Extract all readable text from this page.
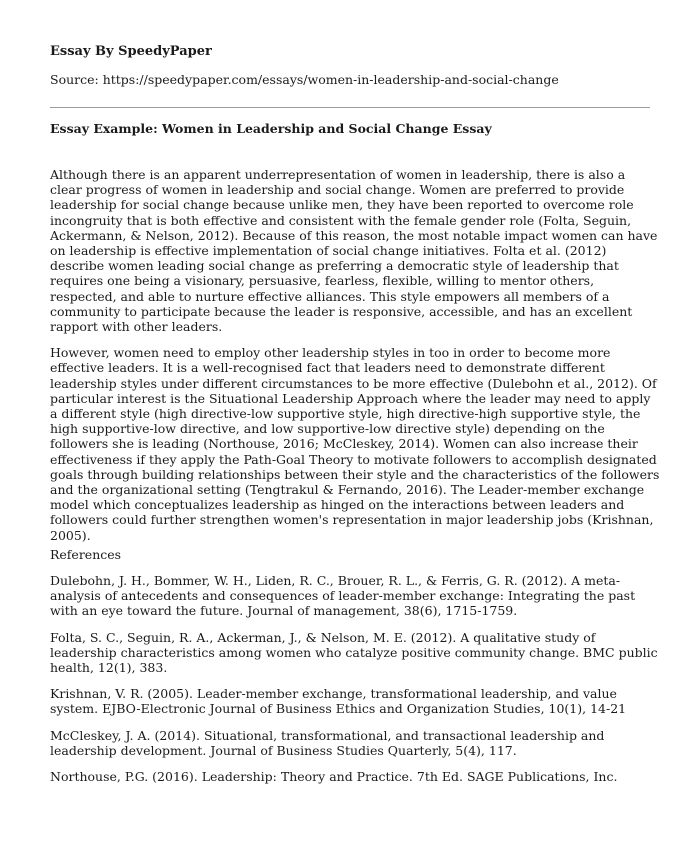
Essay By SpeedyPaper
Source: https://speedypaper.com/essays/women-in-leadership-and-social-change
Essay Example: Women in Leadership and Social Change Essay

Although there is an apparent underrepresentation of women in leadership, there is also a clear progress of women in leadership and social change. Women are preferred to provide leadership for social change because unlike men, they have been reported to overcome role incongruity that is both effective and consistent with the female gender role (Folta, Seguin, Ackermann, & Nelson, 2012). Because of this reason, the most notable impact women can have on leadership is effective implementation of social change initiatives. Folta et al. (2012) describe women leading social change as preferring a democratic style of leadership that requires one being a visionary, persuasive, fearless, flexible, willing to mentor others, respected, and able to nurture effective alliances. This style empowers all members of a community to participate because the leader is responsive, accessible, and has an excellent rapport with other leaders.

However, women need to employ other leadership styles in too in order to become more effective leaders. It is a well-recognised fact that leaders need to demonstrate different leadership styles under different circumstances to be more effective (Dulebohn et al., 2012). Of particular interest is the Situational Leadership Approach where the leader may need to apply a different style (high directive-low supportive style, high directive-high supportive style, the high supportive-low directive, and low supportive-low directive style) depending on the followers she is leading (Northouse, 2016; McCleskey, 2014). Women can also increase their effectiveness if they apply the Path-Goal Theory to motivate followers to accomplish designated goals through building relationships between their style and the characteristics of the followers and the organizational setting (Tengtrakul & Fernando, 2016). The Leader-member exchange model which conceptualizes leadership as hinged on the interactions between leaders and followers could further strengthen women's representation in major leadership jobs (Krishnan, 2005).

References

Dulebohn, J. H., Bommer, W. H., Liden, R. C., Brouer, R. L., & Ferris, G. R. (2012). A meta-analysis of antecedents and consequences of leader-member exchange: Integrating the past with an eye toward the future. Journal of management, 38(6), 1715-1759.

Folta, S. C., Seguin, R. A., Ackerman, J., & Nelson, M. E. (2012). A qualitative study of leadership characteristics among women who catalyze positive community change. BMC public health, 12(1), 383.

Krishnan, V. R. (2005). Leader-member exchange, transformational leadership, and value system. EJBO-Electronic Journal of Business Ethics and Organization Studies, 10(1), 14-21

McCleskey, J. A. (2014). Situational, transformational, and transactional leadership and leadership development. Journal of Business Studies Quarterly, 5(4), 117.

Northouse, P.G. (2016). Leadership: Theory and Practice. 7th Ed. SAGE Publications, Inc.
